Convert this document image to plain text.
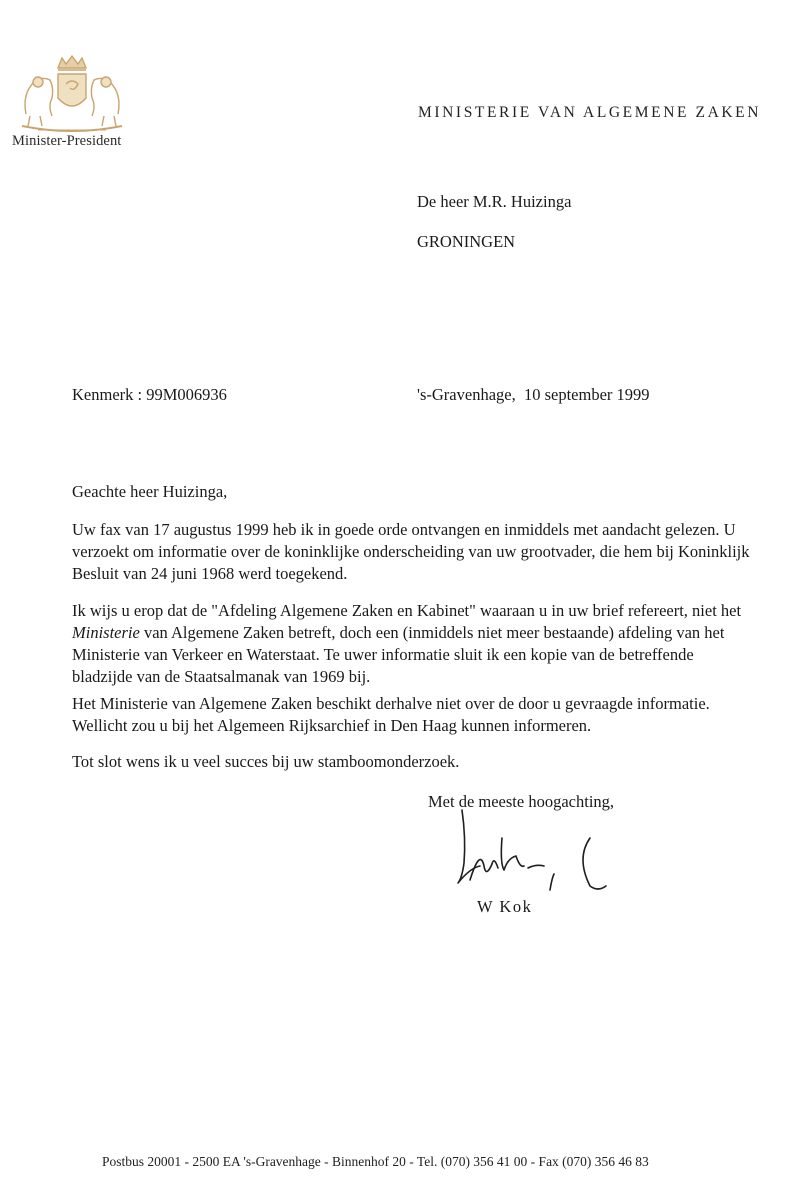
Minister-President
MINISTERIE VAN ALGEMENE ZAKEN
De heer M.R. Huizinga
GRONINGEN
Kenmerk : 99M006936	's-Gravenhage,  10 september 1999
Geachte heer Huizinga,

Uw fax van 17 augustus 1999 heb ik in goede orde ontvangen en inmiddels met aandacht gelezen. U verzoekt om informatie over de koninklijke onderscheiding van uw grootvader, die hem bij Koninklijk Besluit van 24 juni 1968 werd toegekend.

Ik wijs u erop dat de "Afdeling Algemene Zaken en Kabinet" waaraan u in uw brief refereert, niet het Ministerie van Algemene Zaken betreft, doch een (inmiddels niet meer bestaande) afdeling van het Ministerie van Verkeer en Waterstaat. Te uwer informatie sluit ik een kopie van de betreffende bladzijde van de Staatsalmanak van 1969 bij.

Het Ministerie van Algemene Zaken beschikt derhalve niet over de door u gevraagde informatie. Wellicht zou u bij het Algemeen Rijksarchief in Den Haag kunnen informeren.

Tot slot wens ik u veel succes bij uw stamboomonderzoek.

Met de meeste hoogachting,
W Kok
Postbus 20001 - 2500 EA 's-Gravenhage - Binnenhof 20 - Tel. (070) 356 41 00 - Fax (070) 356 46 83
